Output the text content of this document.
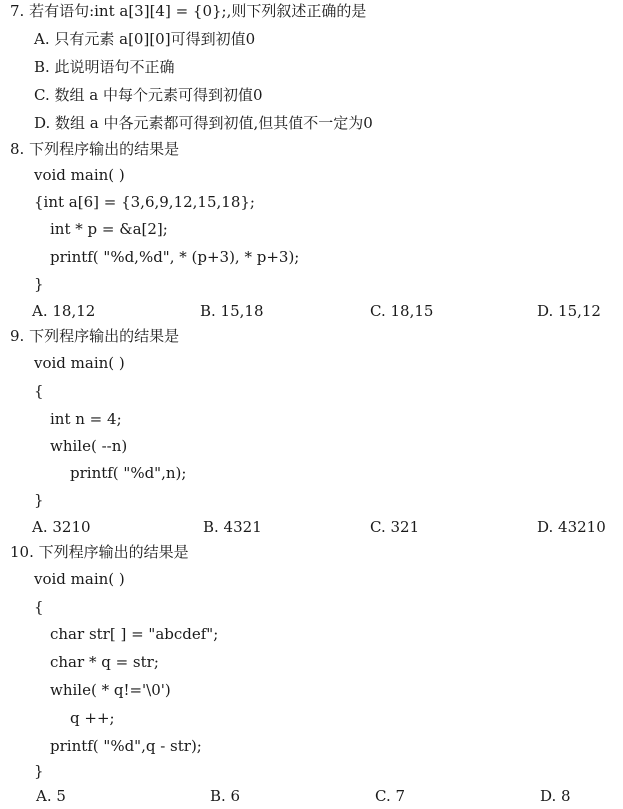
7. 若有语句:int a[3][4] = {0};,则下列叙述正确的是
A. 只有元素 a[0][0]可得到初值0
B. 此说明语句不正确
C. 数组 a 中每个元素可得到初值0
D. 数组 a 中各元素都可得到初值,但其值不一定为0
8. 下列程序输出的结果是
void main( )
{int a[6] = {3,6,9,12,15,18};
int * p = &a[2];
printf( "%d,%d", * (p+3), * p+3);
}
A. 18,12	B. 15,18	C. 18,15	D. 15,12
9. 下列程序输出的结果是
void main( )
{
int n = 4;
while( --n)
printf( "%d",n);
}
A. 3210	B. 4321	C. 321	D. 43210
10. 下列程序输出的结果是
void main( )
{
char str[ ] = "abcdef";
char * q = str;
while( * q!='\0')
q ++;
printf( "%d",q - str);
}
A. 5	B. 6	C. 7	D. 8
